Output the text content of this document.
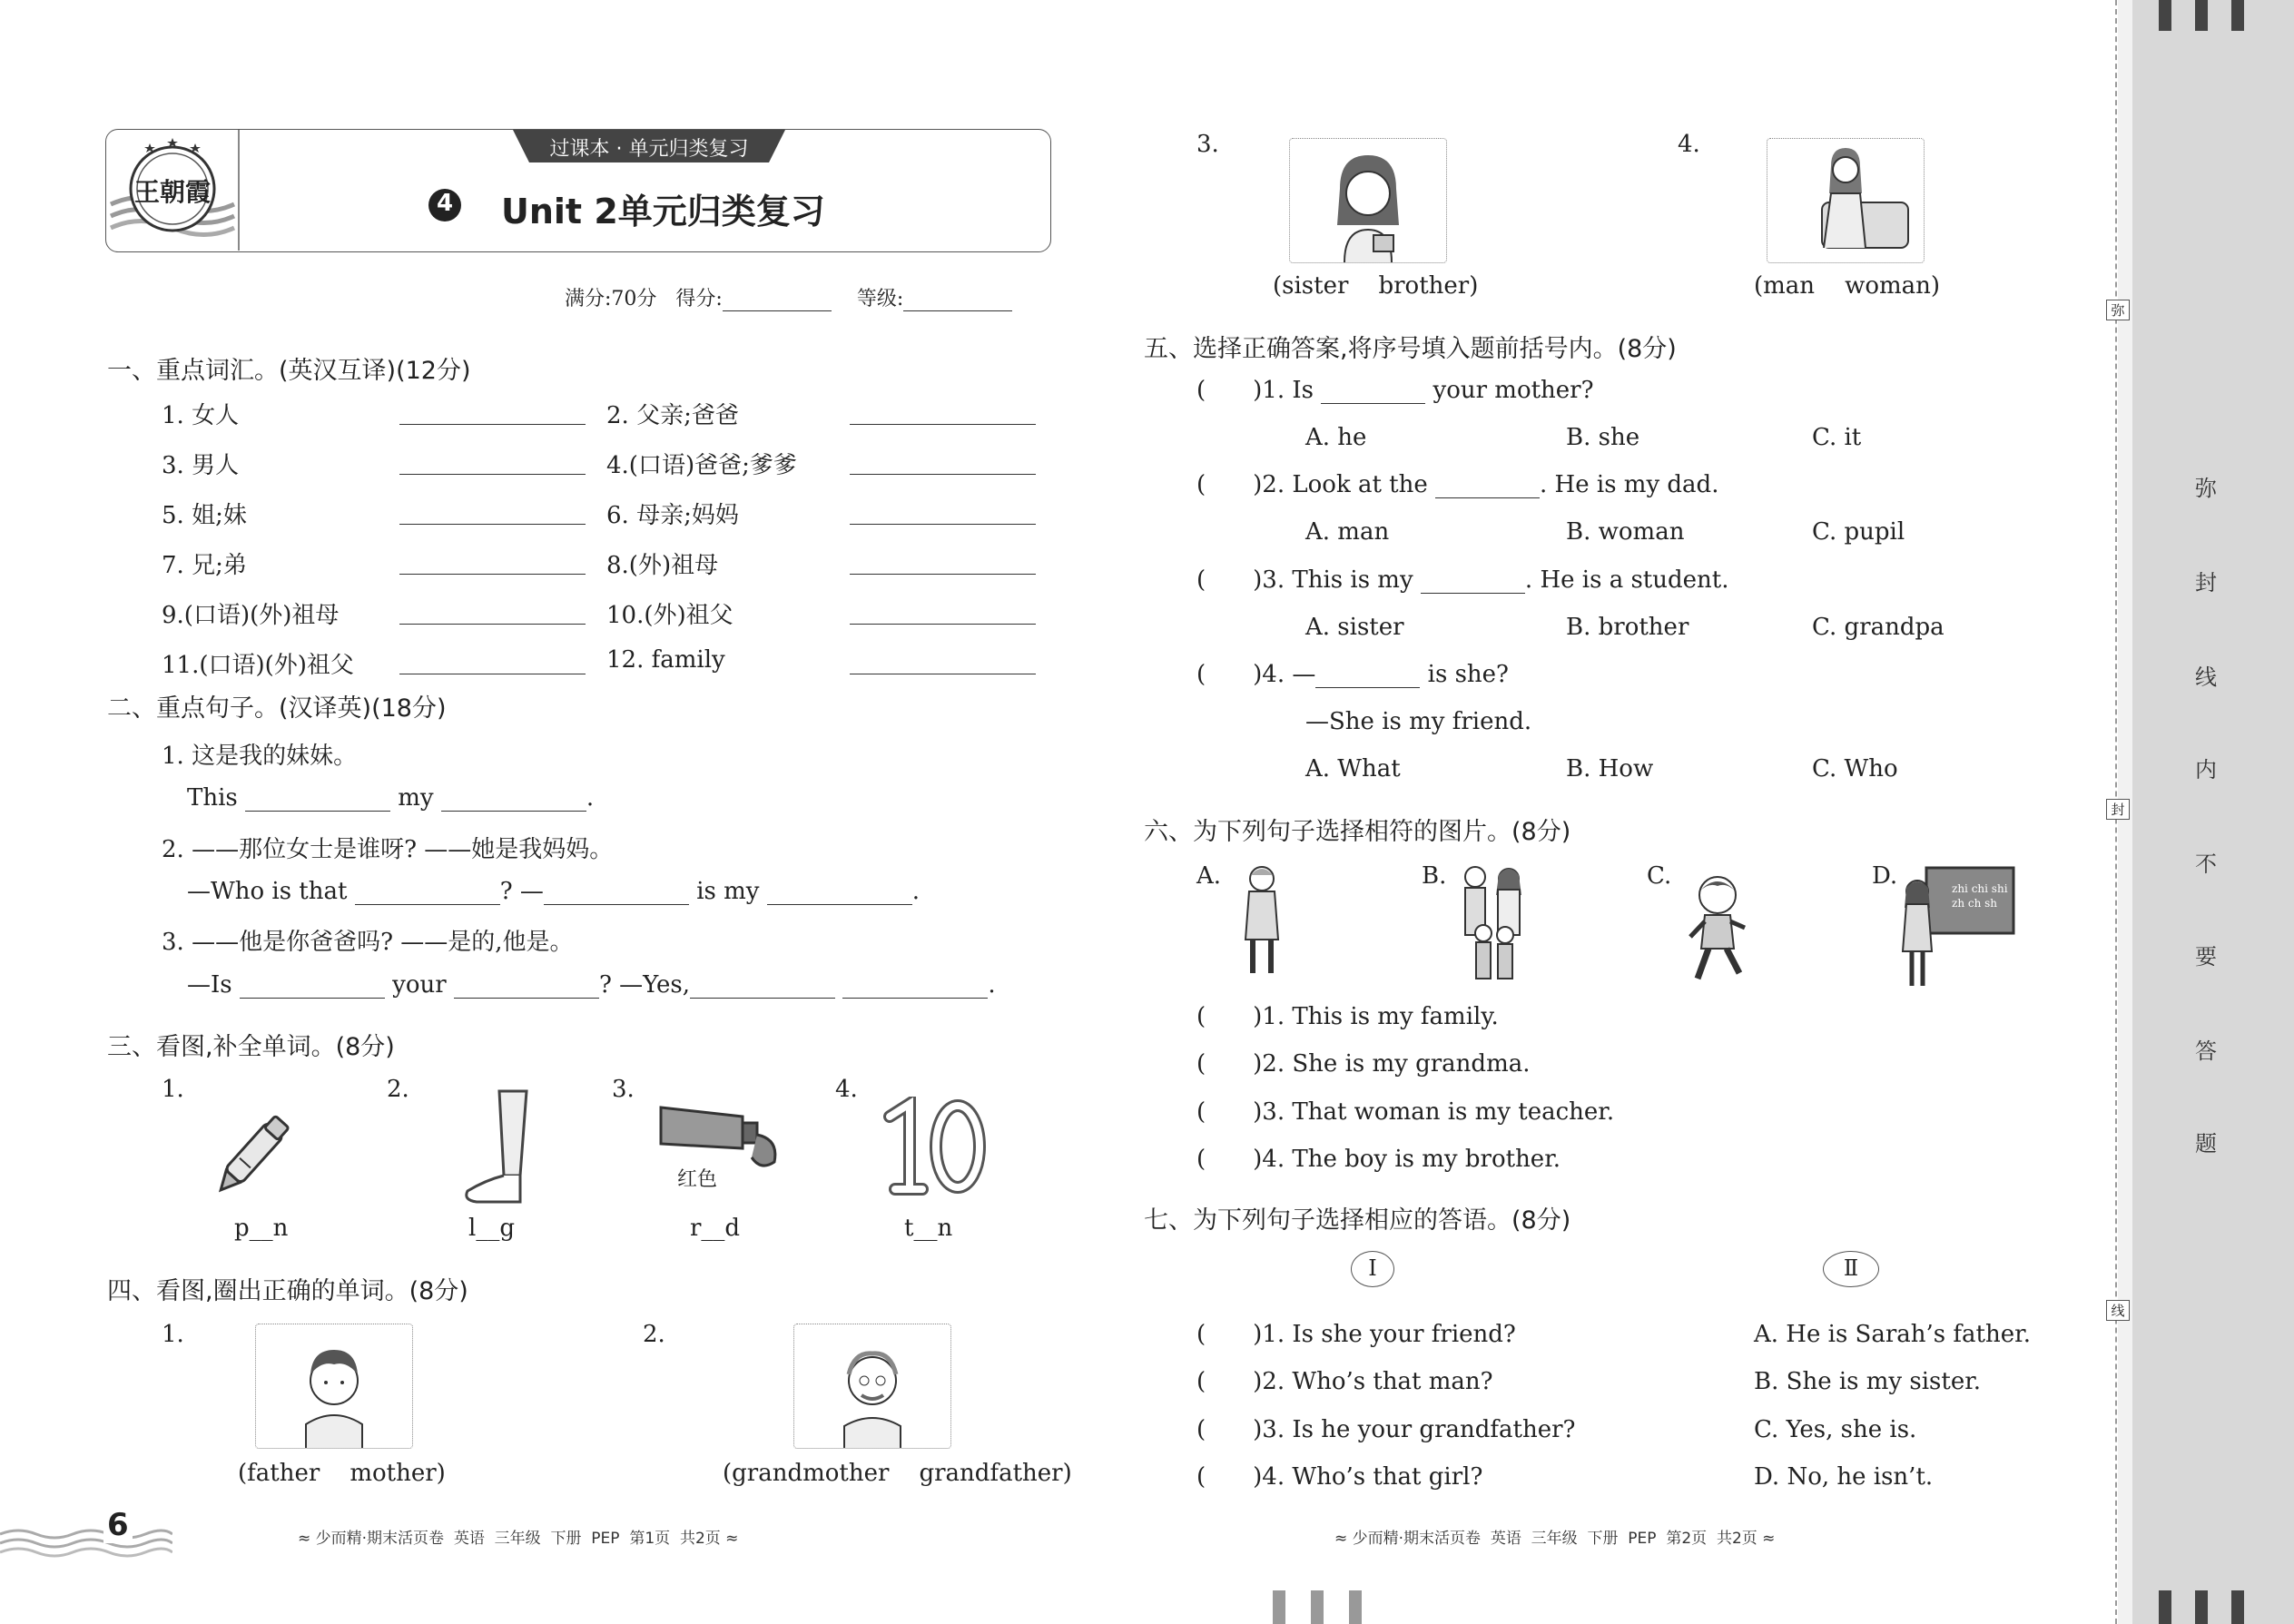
王朝霞
过课本 · 单元归类复习
4 Unit 2单元归类复习
满分:70分 得分:	等级:
一、重点词汇。(英汉互译)(12分)
1. 女人	2. 父亲;爸爸
3. 男人	4.(口语)爸爸;爹爹
5. 姐;妹	6. 母亲;妈妈
7. 兄;弟	8.(外)祖母
9.(口语)(外)祖母	10.(外)祖父
11.(口语)(外)祖父	12. family
二、重点句子。(汉译英)(18分)
1. 这是我的妹妹。
This	my	.
2. ——那位女士是谁呀? ——她是我妈妈。
—Who is that	? —	is my	.
3. ——他是你爸爸吗? ——是的,他是。
—Is	your	? —Yes,	.
三、看图,补全单词。(8分)
1.	2.	3.	4.
红色
p__n	l__g	r__d	t__n
四、看图,圈出正确的单词。(8分)
1.
(father    mother)
2.
(grandmother    grandfather)
3.
(sister    brother)
4.
(man    woman)
五、选择正确答案,将序号填入题前括号内。(8分)
( )1. Is	your mother?
A. he	B. she	C. it
( )2. Look at the	. He is my dad.
A. man	B. woman	C. pupil
( )3. This is my	. He is a student.
A. sister	B. brother	C. grandpa
( )4. —	is she?
—She is my friend.
A. What	B. How	C. Who
六、为下列句子选择相符的图片。(8分)
A.	B.	C.	D.	zhi chi shi
zh ch sh
( )1. This is my family.
( )2. She is my grandma.
( )3. That woman is my teacher.
( )4. The boy is my brother.
七、为下列句子选择相应的答语。(8分)
Ⅰ	Ⅱ
( )1. Is she your friend?
( )2. Who’s that man?
( )3. Is he your grandfather?
( )4. Who’s that girl?
A. He is Sarah’s father.
B. She is my sister.
C. Yes, she is.
D. No, he isn’t.
6	≈ 少而精·期末活页卷  英语  三年级  下册  PEP  第1页  共2页 ≈	≈ 少而精·期末活页卷  英语  三年级  下册  PEP  第2页  共2页 ≈
弥
封
线
弥
封
线
内
不
要
答
题
